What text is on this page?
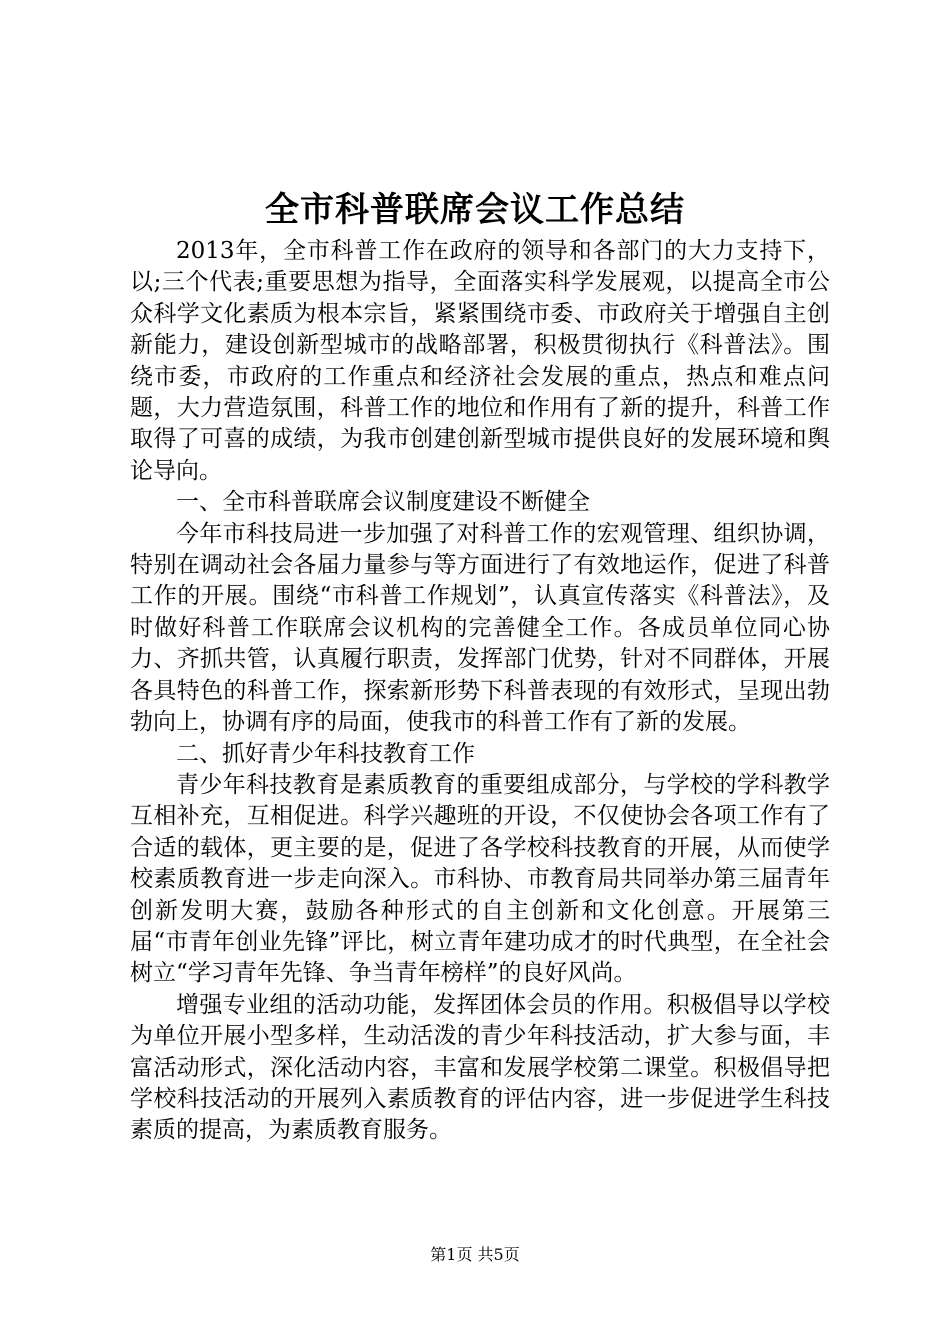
全市科普联席会议工作总结

2013年，全市科普工作在政府的领导和各部门的大力支持下，以;三个代表;重要思想为指导，全面落实科学发展观，以提高全市公众科学文化素质为根本宗旨，紧紧围绕市委、市政府关于增强自主创新能力，建设创新型城市的战略部署，积极贯彻执行《科普法》。围绕市委，市政府的工作重点和经济社会发展的重点，热点和难点问题，大力营造氛围，科普工作的地位和作用有了新的提升，科普工作取得了可喜的成绩，为我市创建创新型城市提供良好的发展环境和舆论导向。

一、全市科普联席会议制度建设不断健全

今年市科技局进一步加强了对科普工作的宏观管理、组织协调，特别在调动社会各届力量参与等方面进行了有效地运作，促进了科普工作的开展。围绕“市科普工作规划”，认真宣传落实《科普法》，及时做好科普工作联席会议机构的完善健全工作。各成员单位同心协力、齐抓共管，认真履行职责，发挥部门优势，针对不同群体，开展各具特色的科普工作，探索新形势下科普表现的有效形式，呈现出勃勃向上，协调有序的局面，使我市的科普工作有了新的发展。

二、抓好青少年科技教育工作

青少年科技教育是素质教育的重要组成部分，与学校的学科教学互相补充，互相促进。科学兴趣班的开设，不仅使协会各项工作有了合适的载体，更主要的是，促进了各学校科技教育的开展，从而使学校素质教育进一步走向深入。市科协、市教育局共同举办第三届青年创新发明大赛，鼓励各种形式的自主创新和文化创意。开展第三届“市青年创业先锋”评比，树立青年建功成才的时代典型，在全社会树立“学习青年先锋、争当青年榜样”的良好风尚。

增强专业组的活动功能，发挥团体会员的作用。积极倡导以学校为单位开展小型多样，生动活泼的青少年科技活动，扩大参与面，丰富活动形式，深化活动内容，丰富和发展学校第二课堂。积极倡导把学校科技活动的开展列入素质教育的评估内容，进一步促进学生科技素质的提高，为素质教育服务。

第1页 共5页
